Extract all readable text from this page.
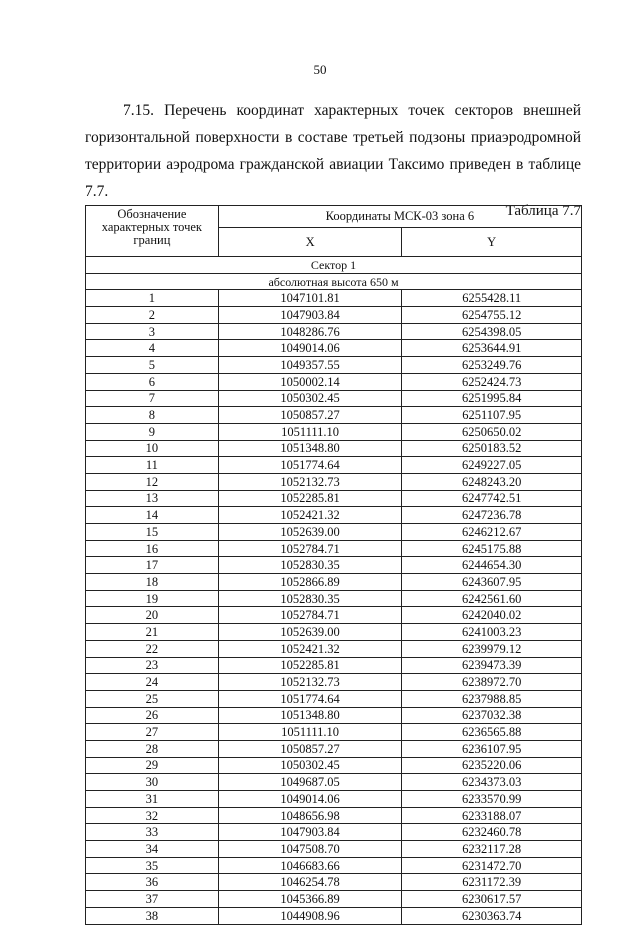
50

7.15. Перечень координат характерных точек секторов внешней горизонтальной поверхности в составе третьей подзоны приаэродромной территории аэродрома гражданской авиации Таксимо приведен в таблице 7.7.

Таблица 7.7
Обозначение характерных точек границ	Координаты МСК-03 зона 6	
	X	Y
Сектор 1		
абсолютная высота 650 м		
1	1047101.81	6255428.11
2	1047903.84	6254755.12
3	1048286.76	6254398.05
4	1049014.06	6253644.91
5	1049357.55	6253249.76
6	1050002.14	6252424.73
7	1050302.45	6251995.84
8	1050857.27	6251107.95
9	1051111.10	6250650.02
10	1051348.80	6250183.52
11	1051774.64	6249227.05
12	1052132.73	6248243.20
13	1052285.81	6247742.51
14	1052421.32	6247236.78
15	1052639.00	6246212.67
16	1052784.71	6245175.88
17	1052830.35	6244654.30
18	1052866.89	6243607.95
19	1052830.35	6242561.60
20	1052784.71	6242040.02
21	1052639.00	6241003.23
22	1052421.32	6239979.12
23	1052285.81	6239473.39
24	1052132.73	6238972.70
25	1051774.64	6237988.85
26	1051348.80	6237032.38
27	1051111.10	6236565.88
28	1050857.27	6236107.95
29	1050302.45	6235220.06
30	1049687.05	6234373.03
31	1049014.06	6233570.99
32	1048656.98	6233188.07
33	1047903.84	6232460.78
34	1047508.70	6232117.28
35	1046683.66	6231472.70
36	1046254.78	6231172.39
37	1045366.89	6230617.57
38	1044908.96	6230363.74
